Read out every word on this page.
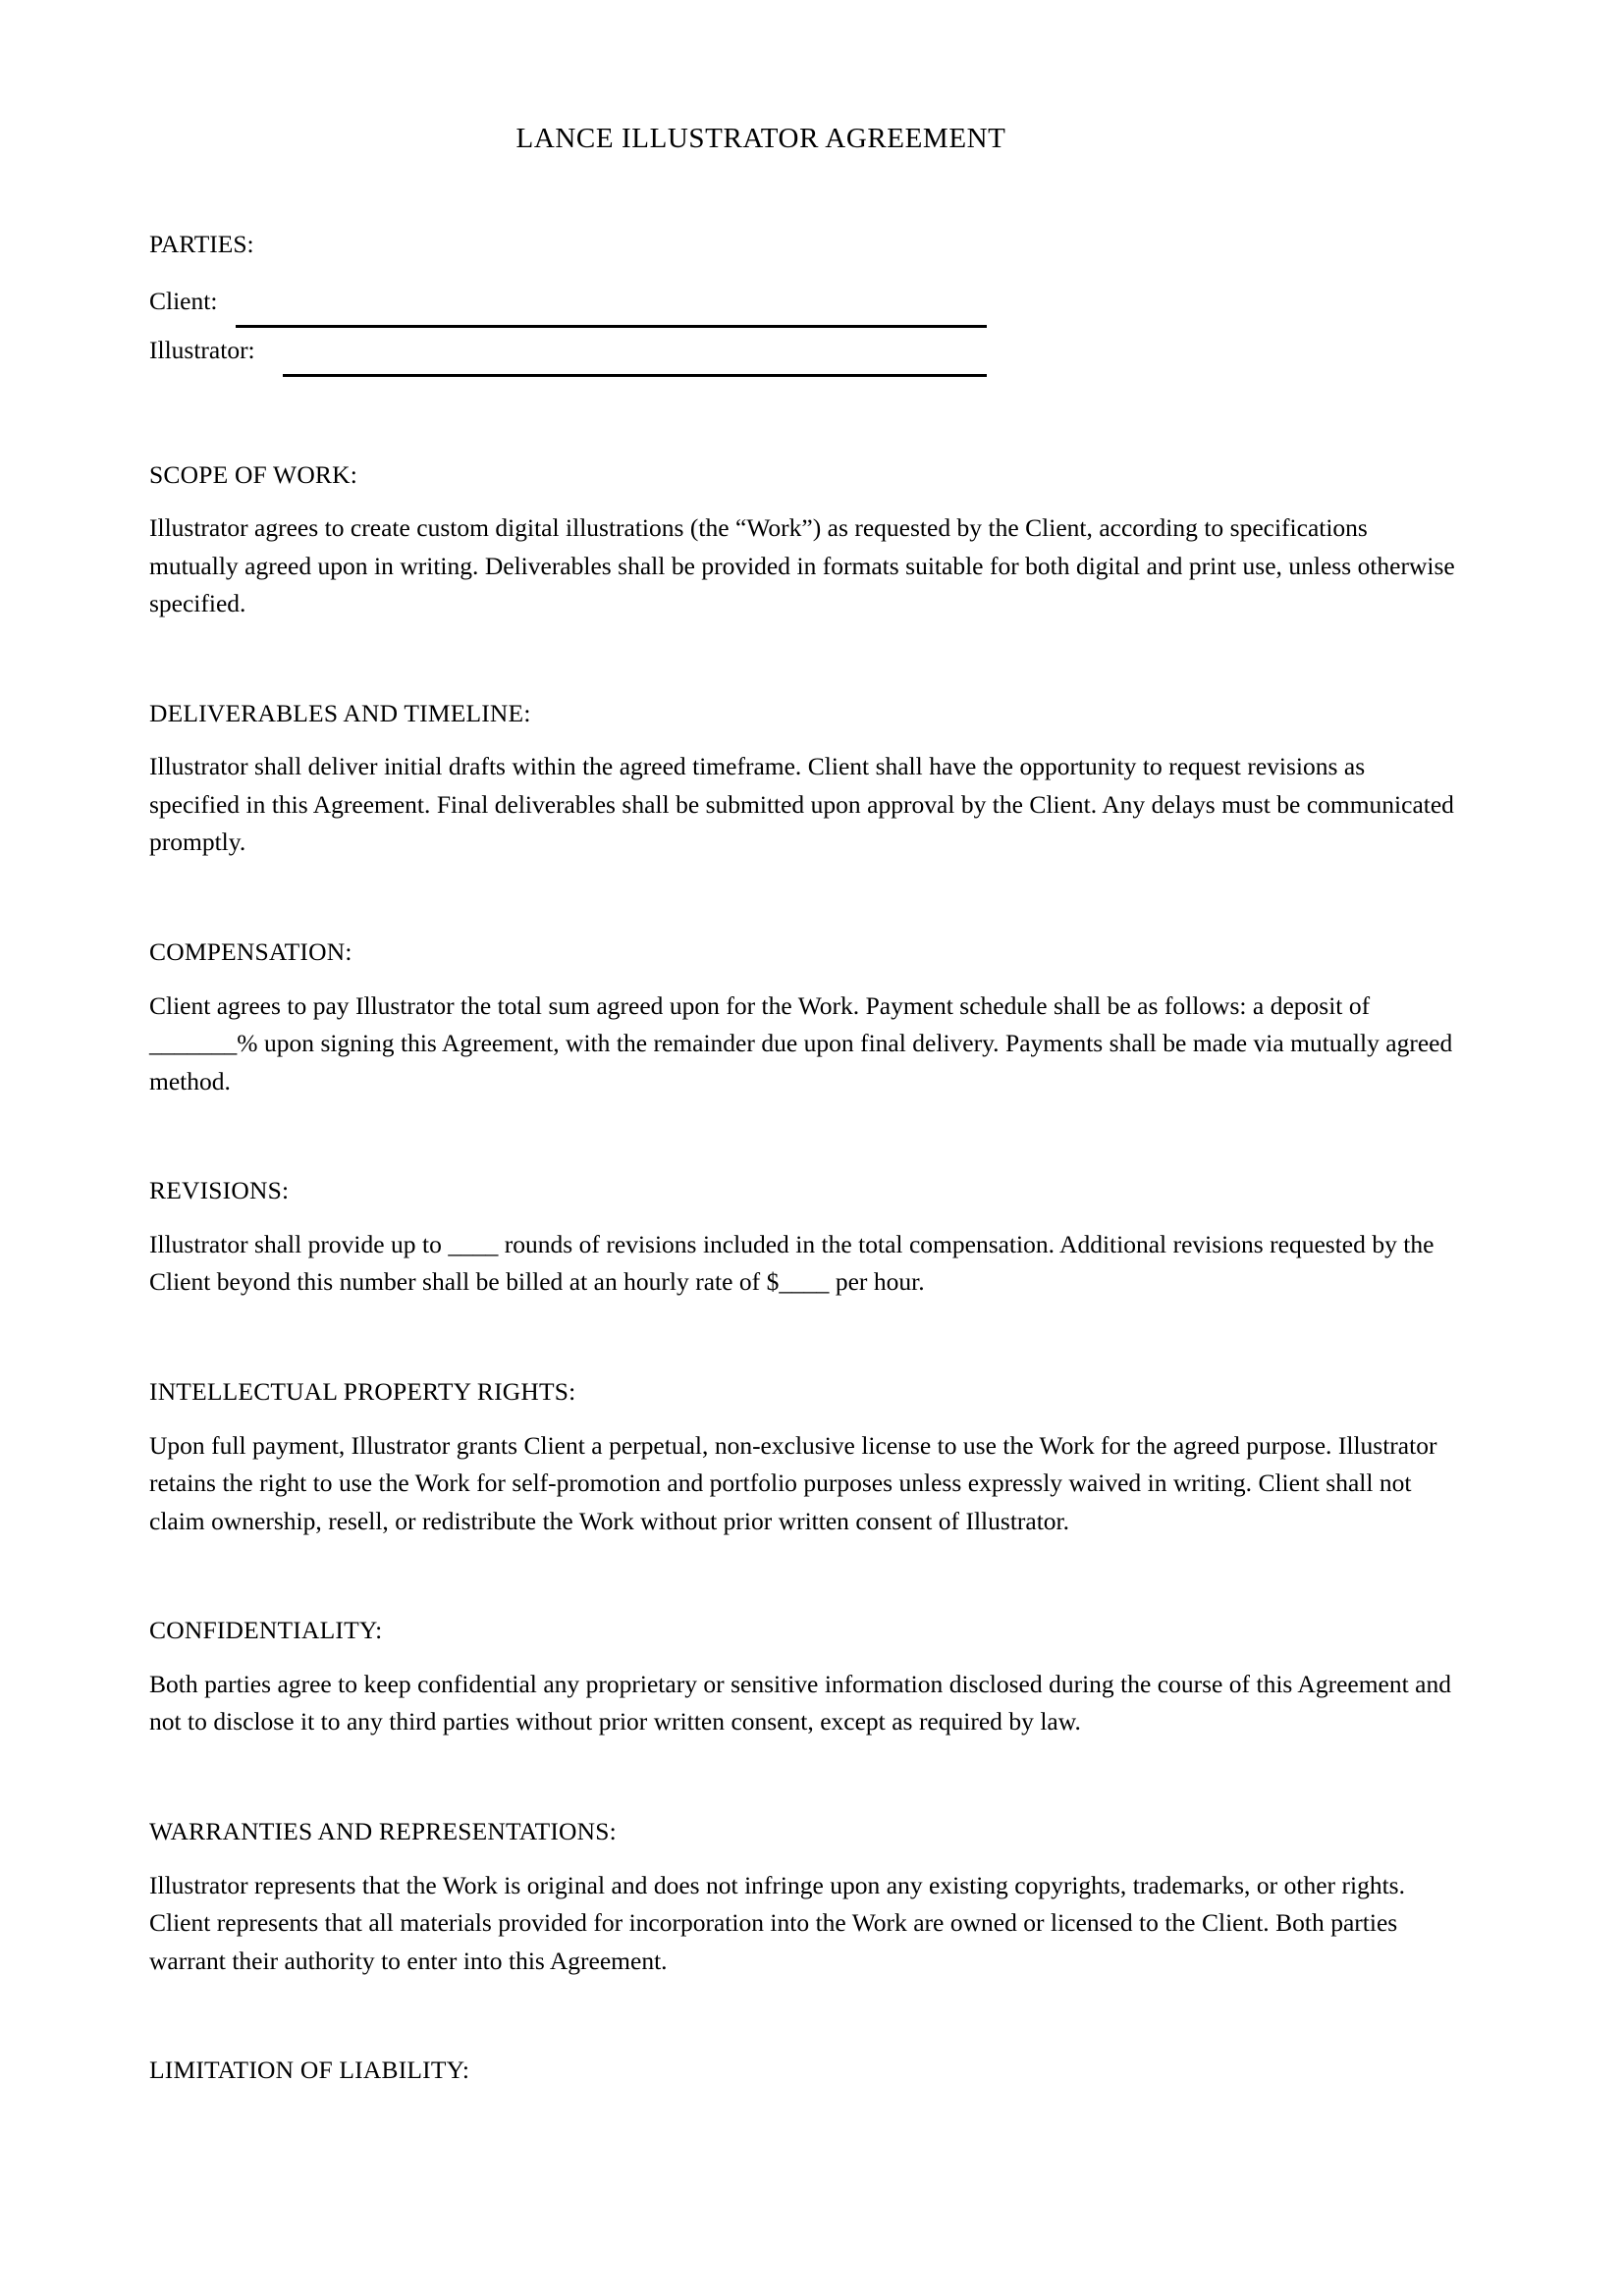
LANCE ILLUSTRATOR AGREEMENT
PARTIES:
Client:
Illustrator:
SCOPE OF WORK:

Illustrator agrees to create custom digital illustrations (the “Work”) as requested by the Client, according to specifications mutually agreed upon in writing. Deliverables shall be provided in formats suitable for both digital and print use, unless otherwise specified.

DELIVERABLES AND TIMELINE:

Illustrator shall deliver initial drafts within the agreed timeframe. Client shall have the opportunity to request revisions as specified in this Agreement. Final deliverables shall be submitted upon approval by the Client. Any delays must be communicated promptly.

COMPENSATION:

Client agrees to pay Illustrator the total sum agreed upon for the Work. Payment schedule shall be as follows: a deposit of _______% upon signing this Agreement, with the remainder due upon final delivery. Payments shall be made via mutually agreed method.

REVISIONS:

Illustrator shall provide up to ____ rounds of revisions included in the total compensation. Additional revisions requested by the Client beyond this number shall be billed at an hourly rate of $____ per hour.

INTELLECTUAL PROPERTY RIGHTS:

Upon full payment, Illustrator grants Client a perpetual, non-exclusive license to use the Work for the agreed purpose. Illustrator retains the right to use the Work for self-promotion and portfolio purposes unless expressly waived in writing. Client shall not claim ownership, resell, or redistribute the Work without prior written consent of Illustrator.

CONFIDENTIALITY:

Both parties agree to keep confidential any proprietary or sensitive information disclosed during the course of this Agreement and not to disclose it to any third parties without prior written consent, except as required by law.

WARRANTIES AND REPRESENTATIONS:

Illustrator represents that the Work is original and does not infringe upon any existing copyrights, trademarks, or other rights. Client represents that all materials provided for incorporation into the Work are owned or licensed to the Client. Both parties warrant their authority to enter into this Agreement.

LIMITATION OF LIABILITY:
